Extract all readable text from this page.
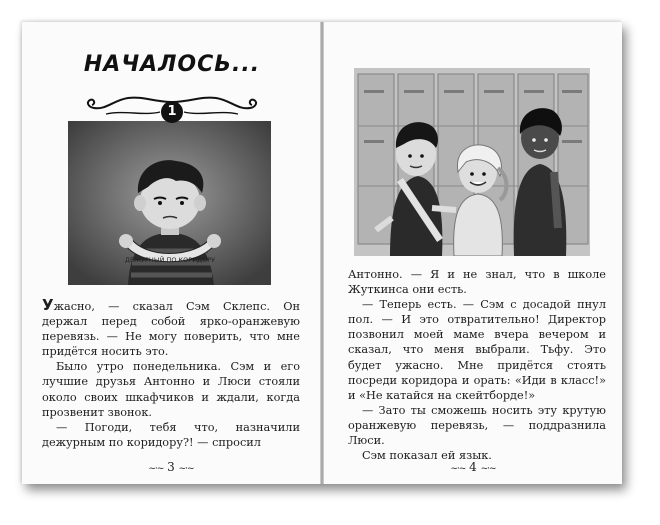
НАЧАЛОСЬ...
ДЕЖУРНЫЙ ПО КОРИДОРУ
1

Ужасно, — сказал Сэм Склепс. Он держал перед собой ярко-оранжевую перевязь. — Не могу поверить, что мне придётся носить это.

Было утро понедельника. Сэм и его лучшие друзья Антонно и Люси стояли около своих шкафчиков и ждали, когда прозвенит звонок.

— Погоди, тебя что, назначили дежурным по коридору?! — спросил

~·~ 3 ~·~

Антонно. — Я и не знал, что в школе Жуткинса они есть.

— Теперь есть. — Сэм с досадой пнул пол. — И это отвратительно! Директор позвонил моей маме вчера вечером и сказал, что меня выбрали. Тьфу. Это будет ужасно. Мне придётся стоять посреди коридора и орать: «Иди в класс!» и «Не катайся на скейтборде!»

— Зато ты сможешь носить эту крутую оранжевую перевязь, — поддразнила Люси.

Сэм показал ей язык.

~·~ 4 ~·~
